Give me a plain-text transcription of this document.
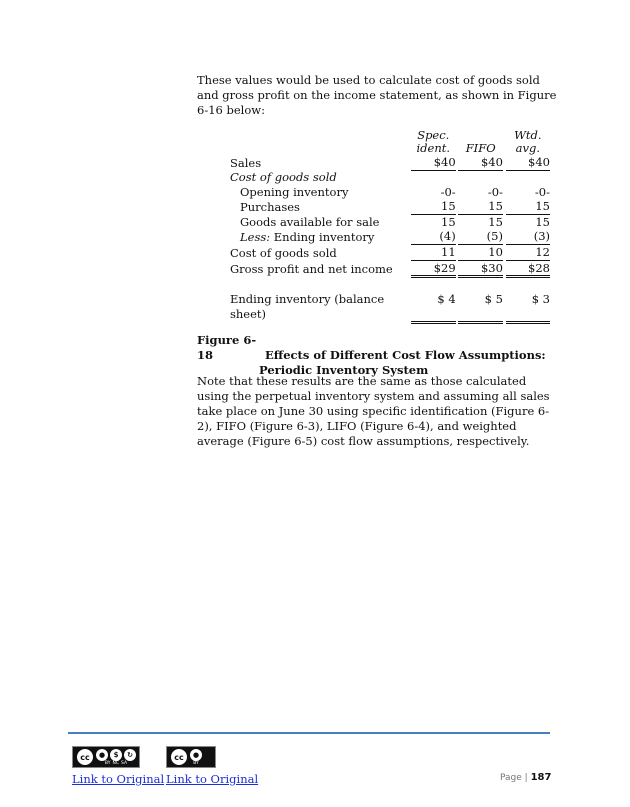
These values would be used to calculate cost of goods sold and gross profit on the income statement, as shown in Figure 6-16 below:
	Spec. ident.		FIFO		Wtd. avg.
Sales	$40		$40		$40
Cost of goods sold					
Opening inventory	-0-		-0-		-0-
Purchases	15		15		15
Goods available for sale	15		15		15
Less: Ending inventory	(4)		(5)		(3)
Cost of goods sold	11		10		12
Gross profit and net income	$29		$30		$28

Ending inventory (balance sheet)	$ 4		$ 5		$ 3
Figure 6-18	Effects of Different Cost Flow Assumptions:
Periodic Inventory System
Note that these results are the same as those calculated using the perpetual inventory system and assuming all sales take place on June 30 using specific identification (Figure 6-2), FIFO (Figure 6-3), LIFO (Figure 6-4), and weighted average (Figure 6-5) cost flow assumptions, respectively.
cc	●	$	↻
BY NC SA
cc	●
BY
Link to Original Link to Original	Page | 187
